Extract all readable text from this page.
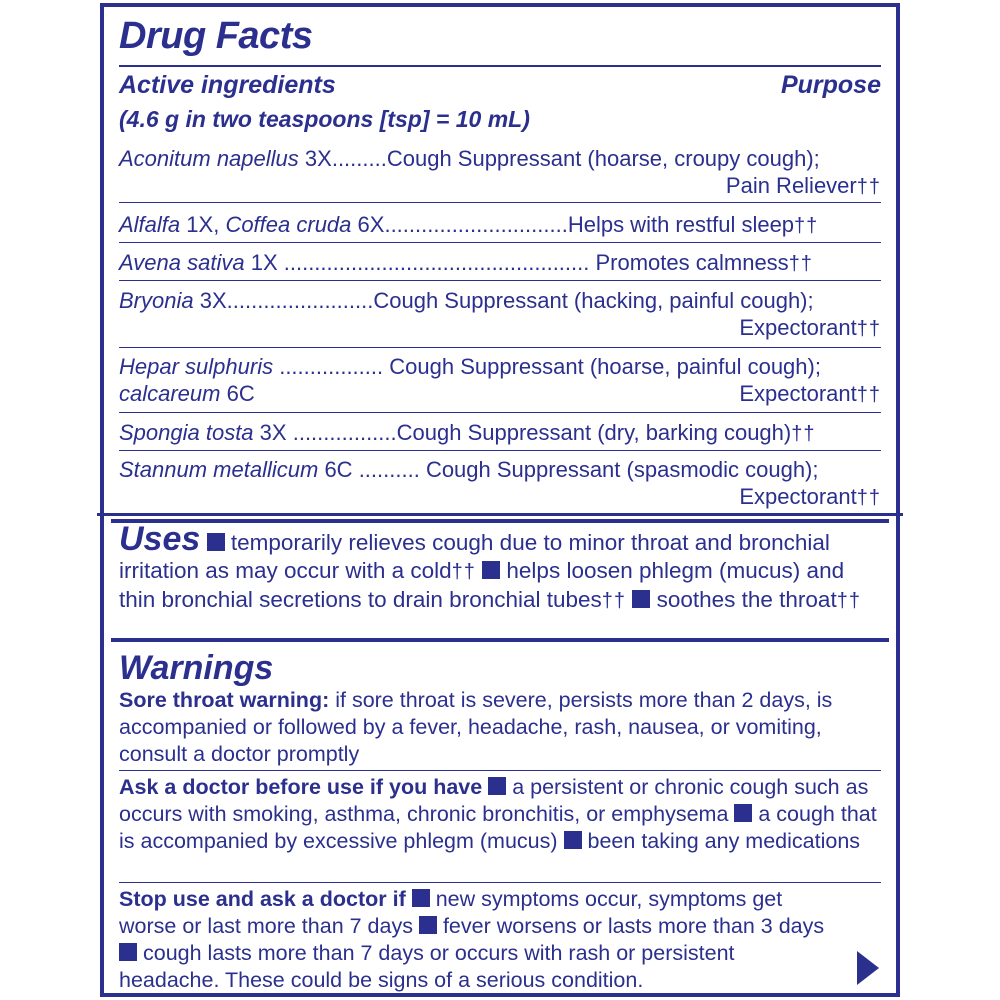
Drug Facts
Active ingredients	Purpose
(4.6 g in two teaspoons [tsp] = 10 mL)
Aconitum napellus 3X.........Cough Suppressant (hoarse, croupy cough);
Pain Reliever††
Alfalfa 1X, Coffea cruda 6X..............................Helps with restful sleep††
Avena sativa 1X .................................................. Promotes calmness††
Bryonia 3X........................Cough Suppressant (hacking, painful cough);
Expectorant††
Hepar sulphuris ................. Cough Suppressant (hoarse, painful cough);
calcareum 6C	Expectorant††
Spongia tosta 3X .................Cough Suppressant (dry, barking cough)††
Stannum metallicum 6C .......... Cough Suppressant (spasmodic cough);
Expectorant††
Uses temporarily relieves cough due to minor throat and bronchial irritation as may occur with a cold†† helps loosen phlegm (mucus) and thin bronchial secretions to drain bronchial tubes†† soothes the throat††
Warnings
Sore throat warning: if sore throat is severe, persists more than 2 days, is accompanied or followed by a fever, headache, rash, nausea, or vomiting, consult a doctor promptly
Ask a doctor before use if you have a persistent or chronic cough such as occurs with smoking, asthma, chronic bronchitis, or emphysema a cough that is accompanied by excessive phlegm (mucus) been taking any medications
Stop use and ask a doctor if new symptoms occur, symptoms get worse or last more than 7 days fever worsens or lasts more than 3 days  cough lasts more than 7 days or occurs with rash or persistent headache. These could be signs of a serious condition.
